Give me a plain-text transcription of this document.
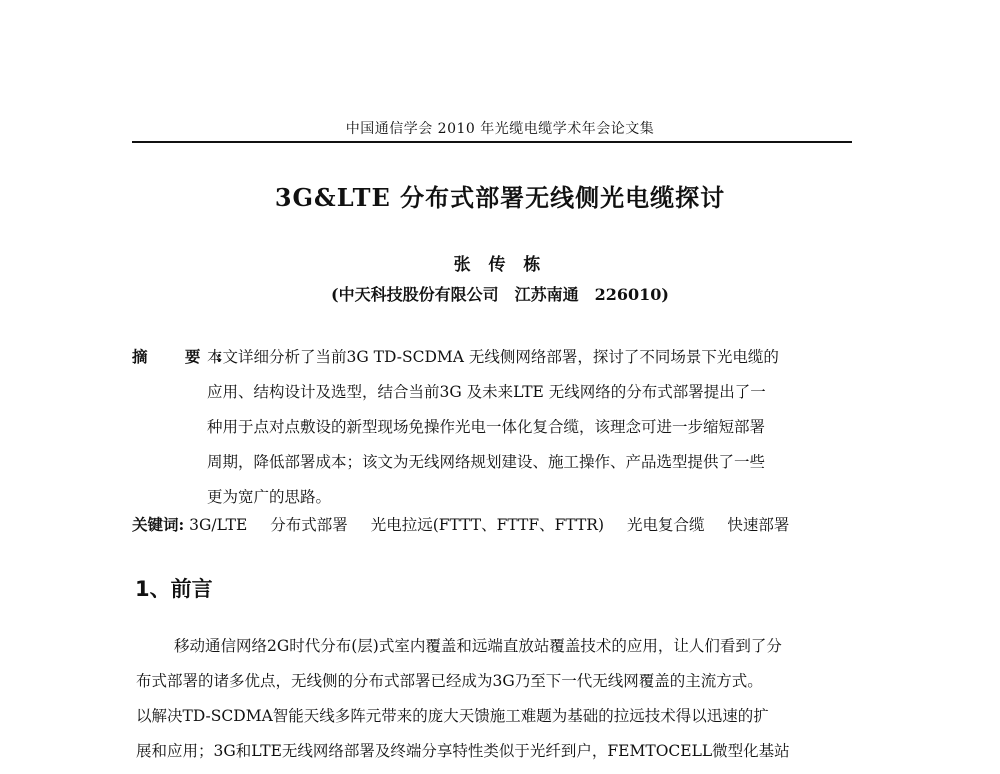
中国通信学会 2010 年光缆电缆学术年会论文集
3G&LTE 分布式部署无线侧光电缆探讨
张 传 栋
(中天科技股份有限公司　江苏南通　226010)
摘 要:
本文详细分析了当前3G TD-SCDMA 无线侧网络部署，探讨了不同场景下光电缆的
应用、结构设计及选型，结合当前3G 及未来LTE 无线网络的分布式部署提出了一
种用于点对点敷设的新型现场免操作光电一体化复合缆，该理念可进一步缩短部署
周期，降低部署成本；该文为无线网络规划建设、施工操作、产品选型提供了一些
更为宽广的思路。
关键词: 3G/LTE 分布式部署 光电拉远(FTTT、FTTF、FTTR) 光电复合缆 快速部署
1、前言
移动通信网络2G时代分布(层)式室内覆盖和远端直放站覆盖技术的应用，让人们看到了分
布式部署的诸多优点，无线侧的分布式部署已经成为3G乃至下一代无线网覆盖的主流方式。
以解决TD-SCDMA智能天线多阵元带来的庞大天馈施工难题为基础的拉远技术得以迅速的扩
展和应用；3G和LTE无线网络部署及终端分享特性类似于光纤到户，FEMTOCELL微型化基站
